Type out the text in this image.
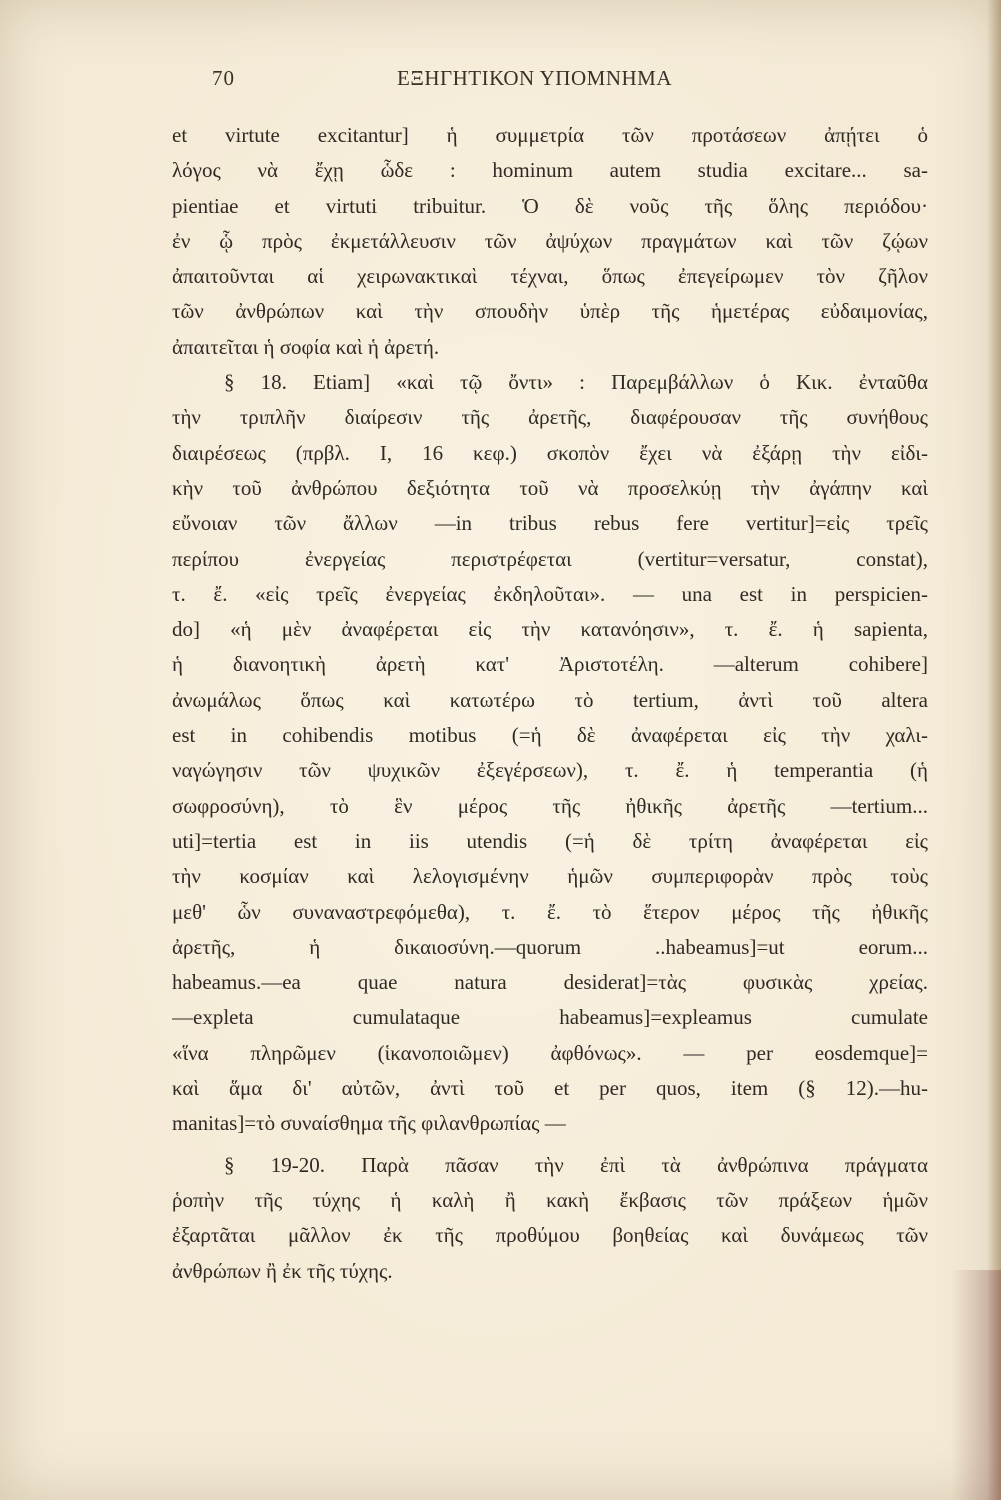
70	ΕΞΗΓΗΤΙΚΟΝ ΥΠΟΜΝΗΜΑ
et virtute excitantur] ἡ συμμετρία τῶν προτάσεων ἀπῄτει ὁ
λόγος νὰ ἔχῃ ὧδε : hominum autem studia excitare... sa-
pientiae et virtuti tribuitur. Ὁ δὲ νοῦς τῆς ὅλης περιόδου·
ἐν ᾧ πρὸς ἐκμετάλλευσιν τῶν ἀψύχων πραγμάτων καὶ τῶν ζῴων
ἀπαιτοῦνται αἱ χειρωνακτικαὶ τέχναι, ὅπως ἐπεγείρωμεν τὸν ζῆλον
τῶν ἀνθρώπων καὶ τὴν σπουδὴν ὑπὲρ τῆς ἡμετέρας εὐδαιμονίας,
ἀπαιτεῖται ἡ σοφία καὶ ἡ ἀρετή.
§ 18. Etiam] «καὶ τῷ ὄντι» : Παρεμβάλλων ὁ Κικ. ἐνταῦθα
τὴν τριπλῆν διαίρεσιν τῆς ἀρετῆς, διαφέρουσαν τῆς συνήθους
διαιρέσεως (πρβλ. Ι, 16 κεφ.) σκοπὸν ἔχει νὰ ἐξάρῃ τὴν εἰδι-
κὴν τοῦ ἀνθρώπου δεξιότητα τοῦ νὰ προσελκύῃ τὴν ἀγάπην καὶ
εὔνοιαν τῶν ἄλλων —in tribus rebus fere vertitur]=εἰς τρεῖς
περίπου ἐνεργείας περιστρέφεται (vertitur=versatur, constat),
τ. ἔ. «εἰς τρεῖς ἐνεργείας ἐκδηλοῦται». — una est in perspicien-
do] «ἡ μὲν ἀναφέρεται εἰς τὴν κατανόησιν», τ. ἔ. ἡ sapienta,
ἡ διανοητικὴ ἀρετὴ κατ' Ἀριστοτέλη. —alterum cohibere]
ἀνωμάλως ὅπως καὶ κατωτέρω τὸ tertium, ἀντὶ τοῦ altera
est in cohibendis motibus (=ἡ δὲ ἀναφέρεται εἰς τὴν χαλι-
ναγώγησιν τῶν ψυχικῶν ἐξεγέρσεων), τ. ἔ. ἡ temperantia (ἡ
σωφροσύνη), τὸ ἓν μέρος τῆς ἠθικῆς ἀρετῆς —tertium...
uti]=tertia est in iis utendis (=ἡ δὲ τρίτη ἀναφέρεται εἰς
τὴν κοσμίαν καὶ λελογισμένην ἡμῶν συμπεριφορὰν πρὸς τοὺς
μεθ' ὧν συναναστρεφόμεθα), τ. ἔ. τὸ ἕτερον μέρος τῆς ἠθικῆς
ἀρετῆς, ἡ δικαιοσύνη.—quorum ..habeamus]=ut eorum...
habeamus.—ea quae natura desiderat]=τὰς φυσικὰς χρείας.
—expleta cumulataque habeamus]=expleamus cumulate
«ἵνα πληρῶμεν (ἱκανοποιῶμεν) ἀφθόνως». — per eosdemque]=
καὶ ἅμα δι' αὐτῶν, ἀντὶ τοῦ et per quos, item (§ 12).—hu-
manitas]=τὸ συναίσθημα τῆς φιλανθρωπίας —
§ 19-20. Παρὰ πᾶσαν τὴν ἐπὶ τὰ ἀνθρώπινα πράγματα
ῥοπὴν τῆς τύχης ἡ καλὴ ἢ κακὴ ἔκβασις τῶν πράξεων ἡμῶν
ἐξαρτᾶται μᾶλλον ἐκ τῆς προθύμου βοηθείας καὶ δυνάμεως τῶν
ἀνθρώπων ἢ ἐκ τῆς τύχης.
